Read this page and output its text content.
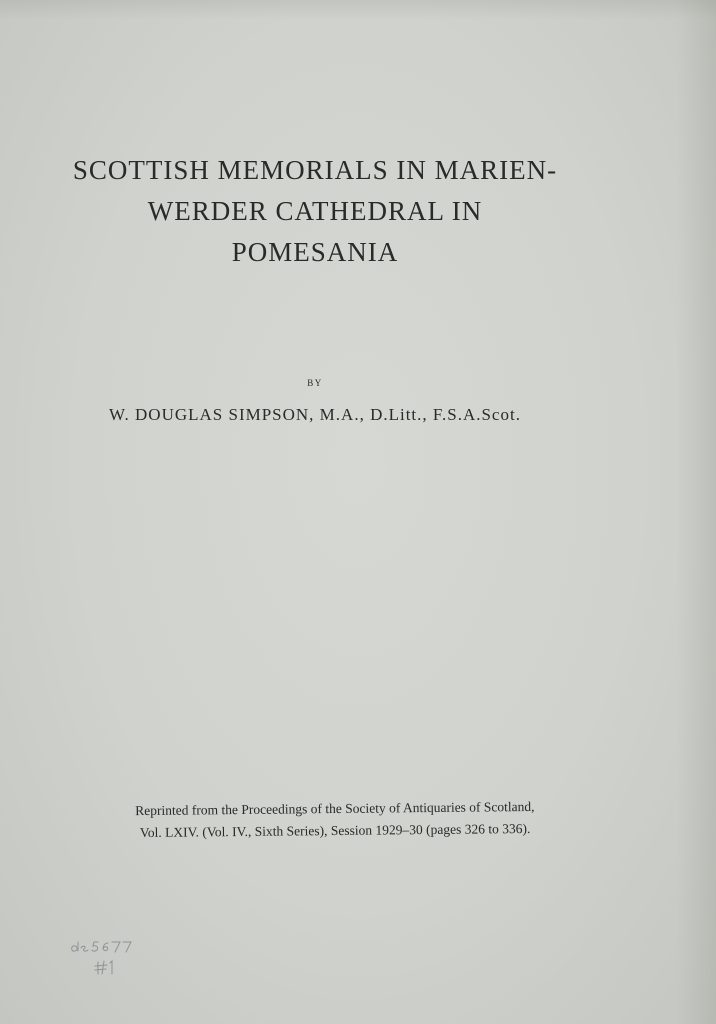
SCOTTISH MEMORIALS IN MARIEN-
WERDER CATHEDRAL IN
POMESANIA
BY
W. DOUGLAS SIMPSON, M.A., D.Litt., F.S.A.Scot.
Reprinted from the Proceedings of the Society of Antiquaries of Scotland,
Vol. LXIV. (Vol. IV., Sixth Series), Session 1929–30 (pages 326 to 336).
